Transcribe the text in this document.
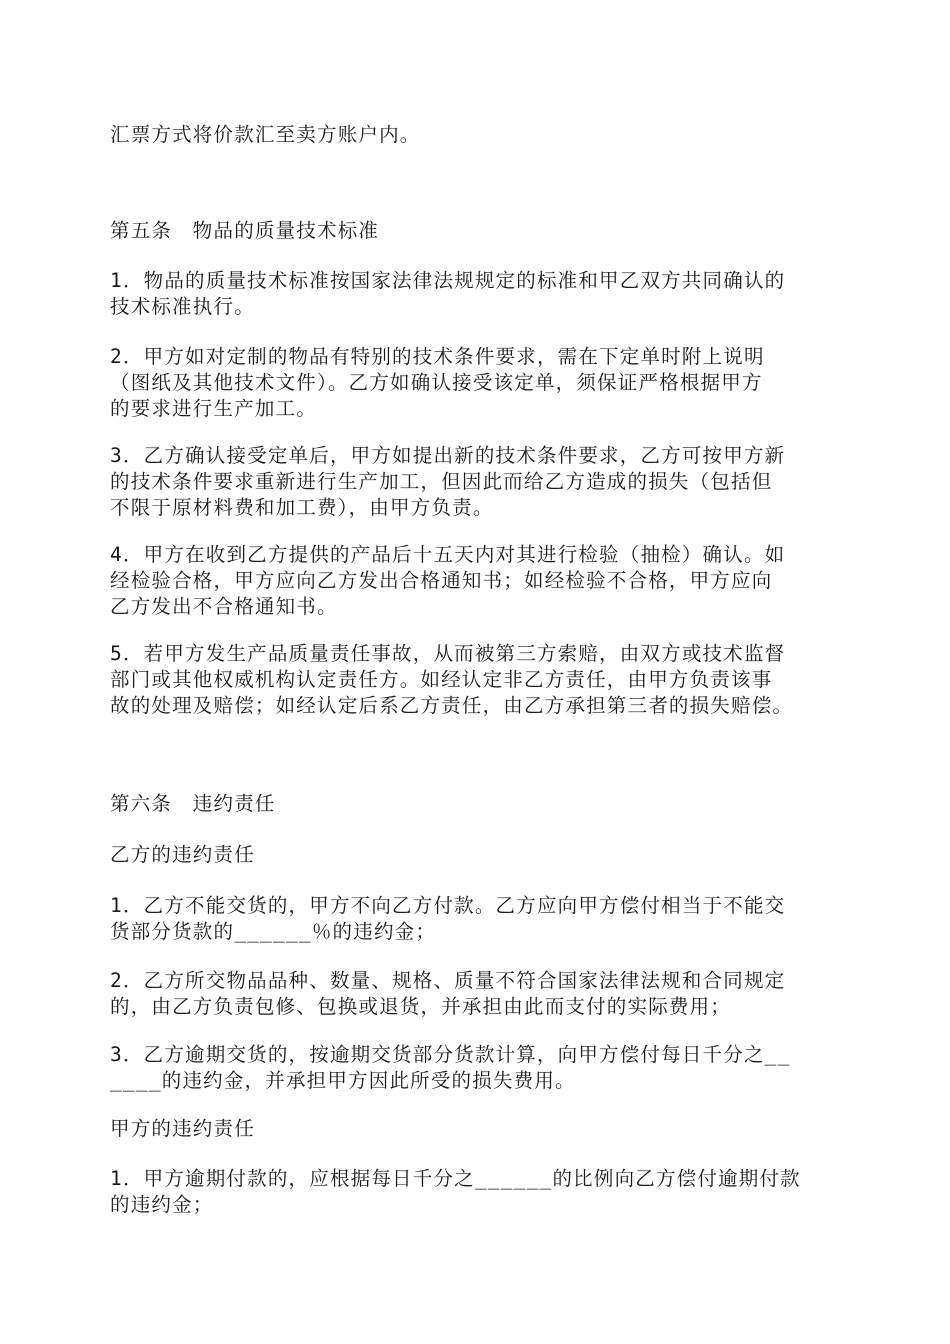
汇票方式将价款汇至卖方账户内。

第五条　物品的质量技术标准

1．物品的质量技术标准按国家法律法规规定的标准和甲乙双方共同确认的
技术标准执行。

2．甲方如对定制的物品有特别的技术条件要求，需在下定单时附上说明
（图纸及其他技术文件）。乙方如确认接受该定单，须保证严格根据甲方
的要求进行生产加工。

3．乙方确认接受定单后，甲方如提出新的技术条件要求，乙方可按甲方新
的技术条件要求重新进行生产加工，但因此而给乙方造成的损失（包括但
不限于原材料费和加工费），由甲方负责。

4．甲方在收到乙方提供的产品后十五天内对其进行检验（抽检）确认。如
经检验合格，甲方应向乙方发出合格通知书；如经检验不合格，甲方应向
乙方发出不合格通知书。

5．若甲方发生产品质量责任事故，从而被第三方索赔，由双方或技术监督
部门或其他权威机构认定责任方。如经认定非乙方责任，由甲方负责该事
故的处理及赔偿；如经认定后系乙方责任，由乙方承担第三者的损失赔偿。

第六条　违约责任

乙方的违约责任

1．乙方不能交货的，甲方不向乙方付款。乙方应向甲方偿付相当于不能交
货部分货款的______％的违约金；

2．乙方所交物品品种、数量、规格、质量不符合国家法律法规和合同规定
的，由乙方负责包修、包换或退货，并承担由此而支付的实际费用；

3．乙方逾期交货的，按逾期交货部分货款计算，向甲方偿付每日千分之__
____的违约金，并承担甲方因此所受的损失费用。

甲方的违约责任

1．甲方逾期付款的，应根据每日千分之______的比例向乙方偿付逾期付款
的违约金；
